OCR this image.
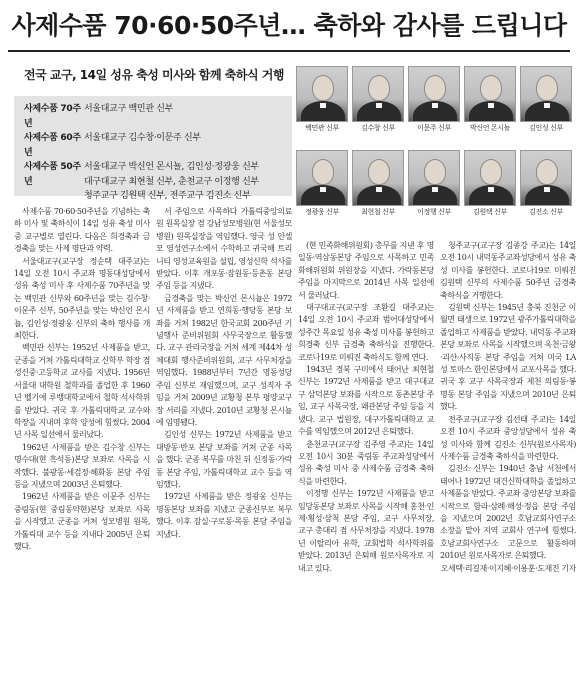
사제수품 70·60·50주년… 축하와 감사를 드립니다
전국 교구, 14일 성유 축성 미사와 함께 축하식 거행
사제수품 70주년
서울대교구 백민관 신부
사제수품 60주년
서울대교구 김수창·이문주 신부
사제수품 50주년
서울대교구 박신언 몬시뇰, 김인성·정광웅 신부
대구대교구 최현철 신부, 춘천교구 이정행 신부
청주교구 김원택 신부, 전주교구 김진소 신부
백민관 신부	김수창 신부	이문주 신부	박신언 몬시뇰	김인성 신부
정광웅 신부	최현철 신부	이정행 신부	김원택 신부	김진소 신부

사제수품 70·60·50주년을 기념하는 축하 미사 및 축하식이 14일 성유 축성 미사 중 교구별로 열린다. 다음은 희경축과 금경축을 맞는 사제 명단과 약력.

서울대교구(교구장 정순택 대주교)는 14일 오전 10시 주교좌 명동대성당에서 성유 축성 미사 후 사제수품 70주년을 맞는 백민관 신부와 60주년을 맞는 김수창·이문주 신부, 50주년을 맞는 박신언 몬시뇰, 김인성·정광웅 신부의 축하 행사를 개최한다.

백민관 신부는 1952년 사제품을 받고, 군종을 거쳐 가톨릭대학교 신학부 학장 겸 성신중·고등학교 교사를 지냈다. 1956년 서울대 대학원 철학과를 졸업한 후 1960년 벨기에 루뱅대학교에서 철학 석사학위를 받았다. 귀국 후 가톨릭대학교 교수와 학장을 지내며 후학 양성에 힘썼다. 2004년 사목 일선에서 물러났다.

1962년 사제품을 받은 김수창 신부는 명수대(현 흑석동)본당 보좌로 사목을 시작했다. 불광동·세검정·혜화동 본당 주임 등을 지냈으며 2003년 은퇴했다.

1962년 사제품을 받은 이문주 신부는 중림동(현 중림동약현)본당 보좌로 사목을 시작했고 군종을 거쳐 성모병원 원목, 가톨릭대 교수 등을 지내다 2005년 은퇴했다.

서 주임으로 사목하다 가톨릭중앙의료원 원목실장 겸 강남성모병원(현 서울성모병원) 원목실장을 역임했다. 영국 성 안셀모 영성연구소에서 수학하고 귀국해 트리니티 영성교육원을 설립, 영성신학 석사를 받았다. 이후 개포동·잠원동·등촌동 본당 주임 등을 지냈다.

금경축을 맞는 박신언 몬시뇰은 1972년 사제품을 받고 연희동·행당동 본당 보좌를 거쳐 1982년 한국교회 200주년 기념행사 준비위원회 사무국장으로 활동했다. 교구 관리국장을 거쳐 세계 제44차 성체대회 행사준비위원회, 교구 사무처장을 역임했다. 1988년부터 7년간 명동성당 주임 신부로 재임했으며, 교구 성직자 주임을 거쳐 2009년 교황청 본부 평양교구장 서리를 지냈다. 2010년 교황청 몬시뇰에 임명됐다.

김인성 신부는 1972년 사제품을 받고 대방동·반포 본당 보좌를 거쳐 군종 사목을 했다. 군종 복무를 마친 뒤 신정동·가락동 본당 주임, 가톨릭대학교 교수 등을 역임했다.

1972년 사제품을 받은 정광웅 신부는 명동본당 보좌를 지냈고 군종신부로 복무했다. 이후 잠실·구로동·목동 본당 주임을 지냈다.

(현 민족화해위원회) 총무를 지낸 후 명일동·역삼동본당 주임으로 사목하고 민족화해위원회 위원장을 지냈다. 가락동본당 주임을 마지막으로 2014년 사목 일선에서 물러났다.

대구대교구(교구장 조환길 대주교)는 14일 오전 10시 주교좌 범어대성당에서 성주간 목요일 성유 축성 미사를 봉헌하고 희경축 신부 금경축 축하식을 진행한다. 코로나19로 미뤄진 축하식도 함께 연다.

1943년 경북 구미에서 태어난 최현철 신부는 1972년 사제품을 받고 대구대교구 삼덕본당 보좌를 시작으로 동촌본당 주임, 교구 사목국장, 왜관본당 주임 등을 지냈다. 교구 법원장, 대구가톨릭대학교 교수를 역임했으며 2012년 은퇴했다.

춘천교구(교구장 김주영 주교)는 14일 오전 10시 30분 죽림동 주교좌성당에서 성유 축성 미사 중 사제수품 금경축 축하식을 마련한다.

이정행 신부는 1972년 사제품을 받고 임당동본당 보좌로 사목을 시작해 홍천·인제·횡성·삼척 본당 주임, 교구 사무처장, 교구 총대리 겸 사무처장을 지냈다. 1978년 이탈리아 유학, 교회법학 석사학위를 받았다. 2013년 은퇴해 원로사목자로 지내고 있다.

청주교구(교구장 김종강 주교)는 14일 오전 10시 내덕동주교좌성당에서 성유 축성 미사를 봉헌한다. 코로나19로 미뤄진 김원택 신부의 사제수품 50주년 금경축 축하식을 거행한다.

김원택 신부는 1945년 충북 진천군 이월면 태생으로 1972년 광주가톨릭대학을 졸업하고 사제품을 받았다. 내덕동 주교좌본당 보좌로 사목을 시작했으며 옥천·금왕·괴산·사직동 본당 주임을 거쳐 미국 LA 성 토마스 한인본당에서 교포사목을 했다. 귀국 후 교구 사목국장과 제천 의림동·봉명동 본당 주임을 지냈으며 2010년 은퇴했다.

전주교구(교구장 김선태 주교)는 14일 오전 10시 주교좌 중앙성당에서 성유 축성 미사와 함께 김진소 신부(원로사목자) 사제수품 금경축 축하식을 마련한다.

김진소 신부는 1940년 충남 서천에서 태어나 1972년 대건신학대학을 졸업하고 사제품을 받았다. 주교좌 중앙본당 보좌를 시작으로 함라·삼례·해성·정읍 본당 주임을 지냈으며 2002년 호남교회사연구소 소장을 맡아 지역 교회사 연구에 힘썼다. 호남교회사연구소 고문으로 활동하며 2010년 원로사목자로 은퇴했다.

오세택·리길재·이지혜·이용훈·도재진 기자
